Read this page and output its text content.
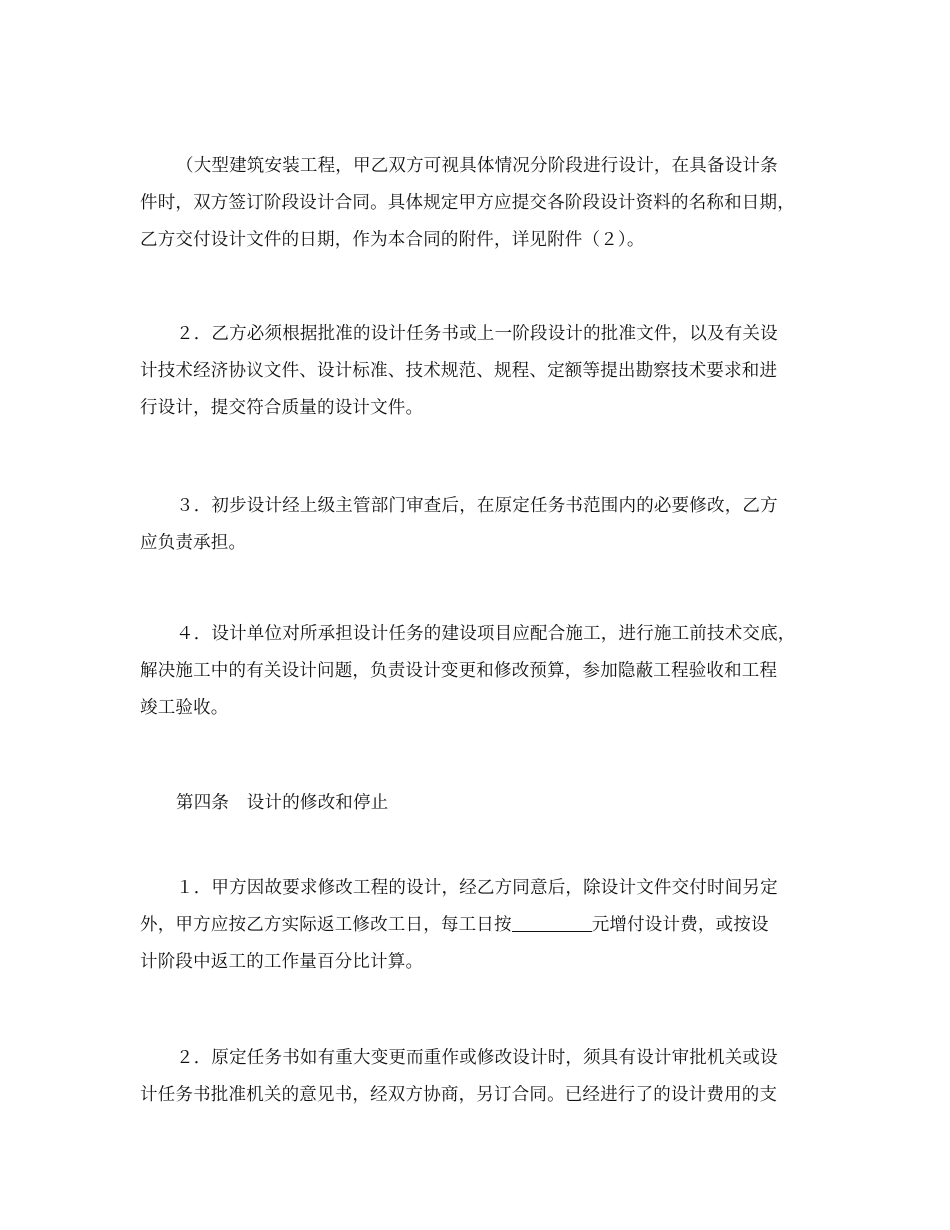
（大型建筑安装工程，甲乙双方可视具体情况分阶段进行设计，在具备设计条
件时，双方签订阶段设计合同。具体规定甲方应提交各阶段设计资料的名称和日期，
乙方交付设计文件的日期，作为本合同的附件，详见附件（２）。
２．乙方必须根据批准的设计任务书或上一阶段设计的批准文件，以及有关设
计技术经济协议文件、设计标准、技术规范、规程、定额等提出勘察技术要求和进
行设计，提交符合质量的设计文件。
３．初步设计经上级主管部门审查后，在原定任务书范围内的必要修改，乙方
应负责承担。
４．设计单位对所承担设计任务的建设项目应配合施工，进行施工前技术交底，
解决施工中的有关设计问题，负责设计变更和修改预算，参加隐蔽工程验收和工程
竣工验收。
第四条　设计的修改和停止
１．甲方因故要求修改工程的设计，经乙方同意后，除设计文件交付时间另定
外，甲方应按乙方实际返工修改工日，每工日按	元增付设计费，或按设
计阶段中返工的工作量百分比计算。
２．原定任务书如有重大变更而重作或修改设计时，须具有设计审批机关或设
计任务书批准机关的意见书，经双方协商，另订合同。已经进行了的设计费用的支
